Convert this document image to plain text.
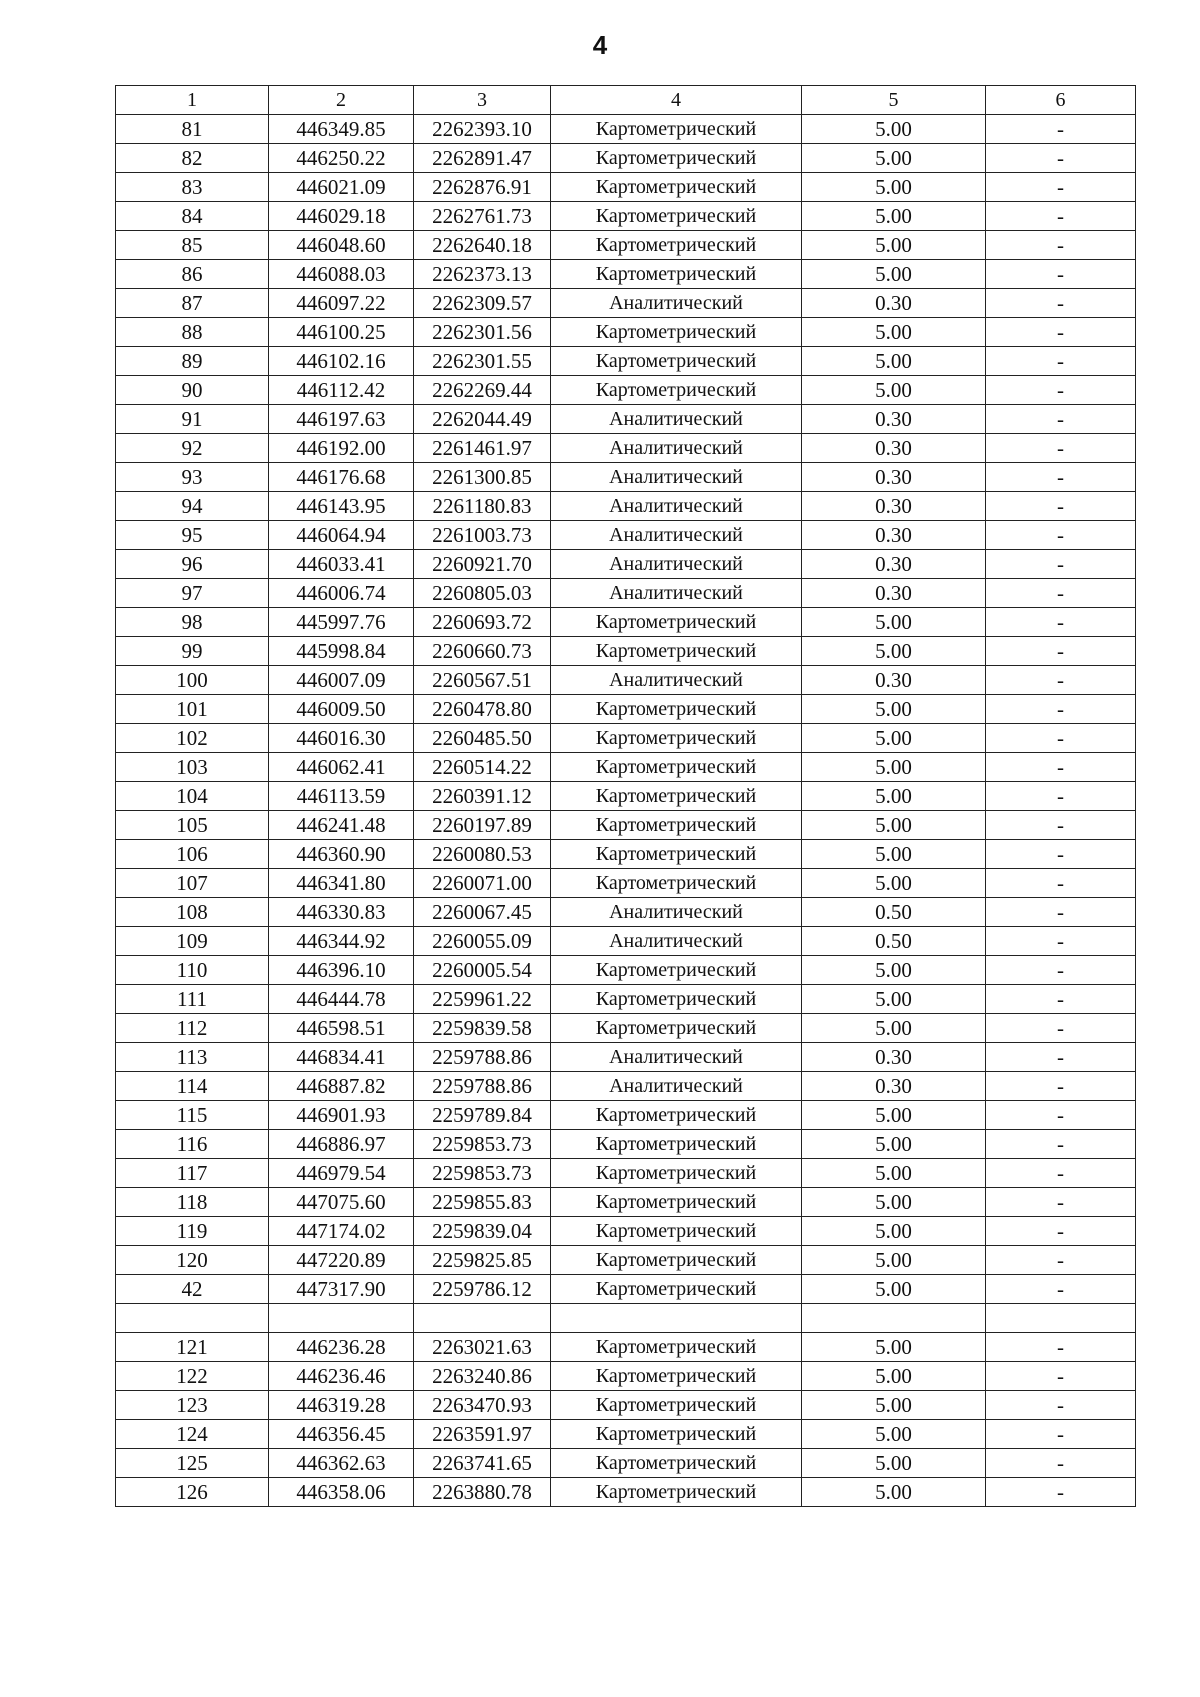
4
1	2	3	4	5	6
81	446349.85	2262393.10	Картометрический	5.00	-
82	446250.22	2262891.47	Картометрический	5.00	-
83	446021.09	2262876.91	Картометрический	5.00	-
84	446029.18	2262761.73	Картометрический	5.00	-
85	446048.60	2262640.18	Картометрический	5.00	-
86	446088.03	2262373.13	Картометрический	5.00	-
87	446097.22	2262309.57	Аналитический	0.30	-
88	446100.25	2262301.56	Картометрический	5.00	-
89	446102.16	2262301.55	Картометрический	5.00	-
90	446112.42	2262269.44	Картометрический	5.00	-
91	446197.63	2262044.49	Аналитический	0.30	-
92	446192.00	2261461.97	Аналитический	0.30	-
93	446176.68	2261300.85	Аналитический	0.30	-
94	446143.95	2261180.83	Аналитический	0.30	-
95	446064.94	2261003.73	Аналитический	0.30	-
96	446033.41	2260921.70	Аналитический	0.30	-
97	446006.74	2260805.03	Аналитический	0.30	-
98	445997.76	2260693.72	Картометрический	5.00	-
99	445998.84	2260660.73	Картометрический	5.00	-
100	446007.09	2260567.51	Аналитический	0.30	-
101	446009.50	2260478.80	Картометрический	5.00	-
102	446016.30	2260485.50	Картометрический	5.00	-
103	446062.41	2260514.22	Картометрический	5.00	-
104	446113.59	2260391.12	Картометрический	5.00	-
105	446241.48	2260197.89	Картометрический	5.00	-
106	446360.90	2260080.53	Картометрический	5.00	-
107	446341.80	2260071.00	Картометрический	5.00	-
108	446330.83	2260067.45	Аналитический	0.50	-
109	446344.92	2260055.09	Аналитический	0.50	-
110	446396.10	2260005.54	Картометрический	5.00	-
111	446444.78	2259961.22	Картометрический	5.00	-
112	446598.51	2259839.58	Картометрический	5.00	-
113	446834.41	2259788.86	Аналитический	0.30	-
114	446887.82	2259788.86	Аналитический	0.30	-
115	446901.93	2259789.84	Картометрический	5.00	-
116	446886.97	2259853.73	Картометрический	5.00	-
117	446979.54	2259853.73	Картометрический	5.00	-
118	447075.60	2259855.83	Картометрический	5.00	-
119	447174.02	2259839.04	Картометрический	5.00	-
120	447220.89	2259825.85	Картометрический	5.00	-
42	447317.90	2259786.12	Картометрический	5.00	-

121	446236.28	2263021.63	Картометрический	5.00	-
122	446236.46	2263240.86	Картометрический	5.00	-
123	446319.28	2263470.93	Картометрический	5.00	-
124	446356.45	2263591.97	Картометрический	5.00	-
125	446362.63	2263741.65	Картометрический	5.00	-
126	446358.06	2263880.78	Картометрический	5.00	-
